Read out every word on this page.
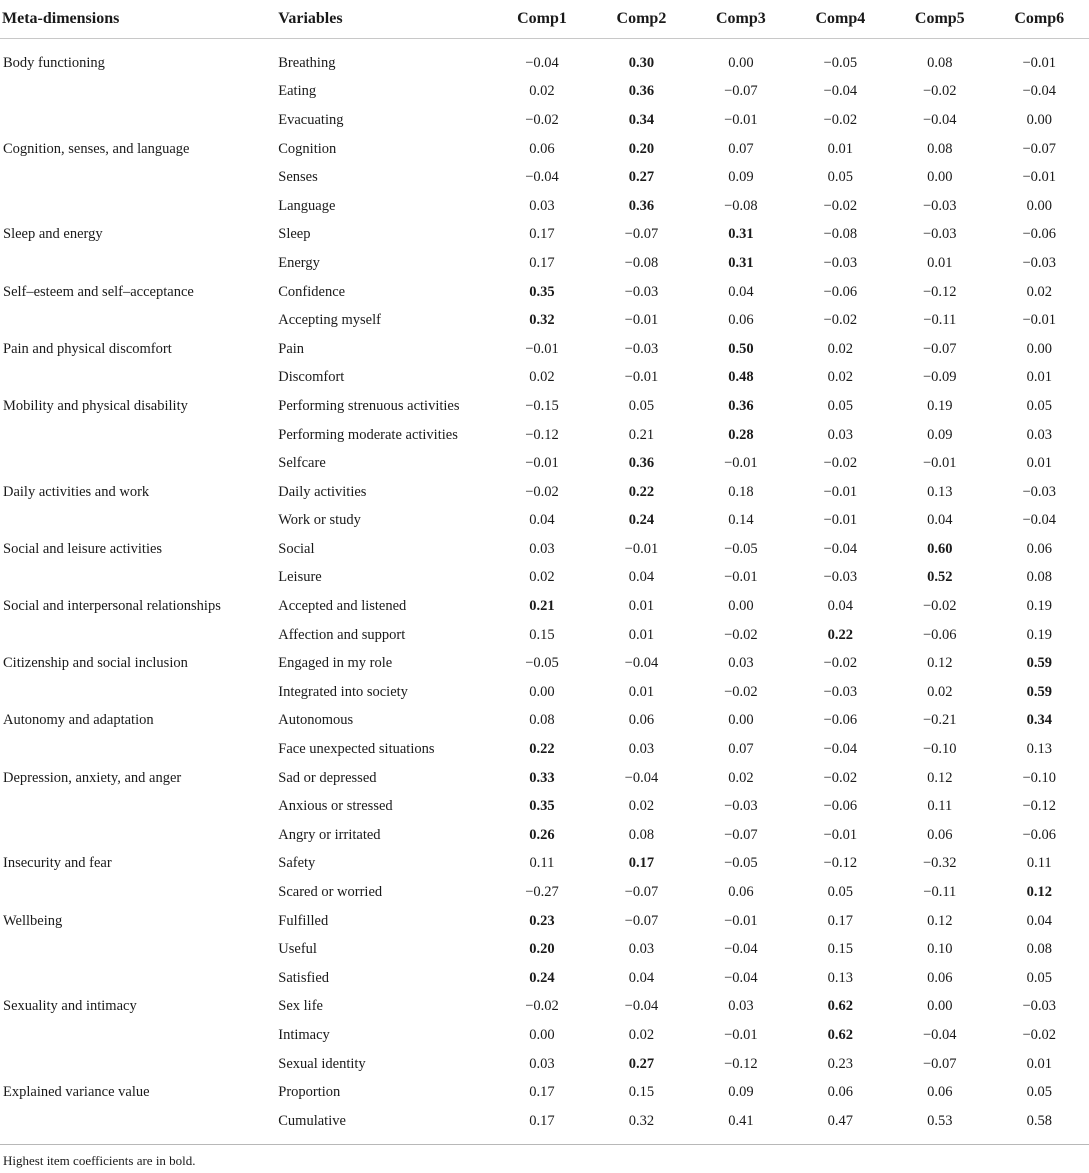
Meta-dimensions	Variables	Comp1	Comp2	Comp3	Comp4	Comp5	Comp6
Body functioning	Breathing	−0.04	0.30	0.00	−0.05	0.08	−0.01
	Eating	0.02	0.36	−0.07	−0.04	−0.02	−0.04
	Evacuating	−0.02	0.34	−0.01	−0.02	−0.04	0.00
Cognition, senses, and language	Cognition	0.06	0.20	0.07	0.01	0.08	−0.07
	Senses	−0.04	0.27	0.09	0.05	0.00	−0.01
	Language	0.03	0.36	−0.08	−0.02	−0.03	0.00
Sleep and energy	Sleep	0.17	−0.07	0.31	−0.08	−0.03	−0.06
	Energy	0.17	−0.08	0.31	−0.03	0.01	−0.03
Self–esteem and self–acceptance	Confidence	0.35	−0.03	0.04	−0.06	−0.12	0.02
	Accepting myself	0.32	−0.01	0.06	−0.02	−0.11	−0.01
Pain and physical discomfort	Pain	−0.01	−0.03	0.50	0.02	−0.07	0.00
	Discomfort	0.02	−0.01	0.48	0.02	−0.09	0.01
Mobility and physical disability	Performing strenuous activities	−0.15	0.05	0.36	0.05	0.19	0.05
	Performing moderate activities	−0.12	0.21	0.28	0.03	0.09	0.03
	Selfcare	−0.01	0.36	−0.01	−0.02	−0.01	0.01
Daily activities and work	Daily activities	−0.02	0.22	0.18	−0.01	0.13	−0.03
	Work or study	0.04	0.24	0.14	−0.01	0.04	−0.04
Social and leisure activities	Social	0.03	−0.01	−0.05	−0.04	0.60	0.06
	Leisure	0.02	0.04	−0.01	−0.03	0.52	0.08
Social and interpersonal relationships	Accepted and listened	0.21	0.01	0.00	0.04	−0.02	0.19
	Affection and support	0.15	0.01	−0.02	0.22	−0.06	0.19
Citizenship and social inclusion	Engaged in my role	−0.05	−0.04	0.03	−0.02	0.12	0.59
	Integrated into society	0.00	0.01	−0.02	−0.03	0.02	0.59
Autonomy and adaptation	Autonomous	0.08	0.06	0.00	−0.06	−0.21	0.34
	Face unexpected situations	0.22	0.03	0.07	−0.04	−0.10	0.13
Depression, anxiety, and anger	Sad or depressed	0.33	−0.04	0.02	−0.02	0.12	−0.10
	Anxious or stressed	0.35	0.02	−0.03	−0.06	0.11	−0.12
	Angry or irritated	0.26	0.08	−0.07	−0.01	0.06	−0.06
Insecurity and fear	Safety	0.11	0.17	−0.05	−0.12	−0.32	0.11
	Scared or worried	−0.27	−0.07	0.06	0.05	−0.11	0.12
Wellbeing	Fulfilled	0.23	−0.07	−0.01	0.17	0.12	0.04
	Useful	0.20	0.03	−0.04	0.15	0.10	0.08
	Satisfied	0.24	0.04	−0.04	0.13	0.06	0.05
Sexuality and intimacy	Sex life	−0.02	−0.04	0.03	0.62	0.00	−0.03
	Intimacy	0.00	0.02	−0.01	0.62	−0.04	−0.02
	Sexual identity	0.03	0.27	−0.12	0.23	−0.07	0.01
Explained variance value	Proportion	0.17	0.15	0.09	0.06	0.06	0.05
	Cumulative	0.17	0.32	0.41	0.47	0.53	0.58
Highest item coefficients are in bold.
